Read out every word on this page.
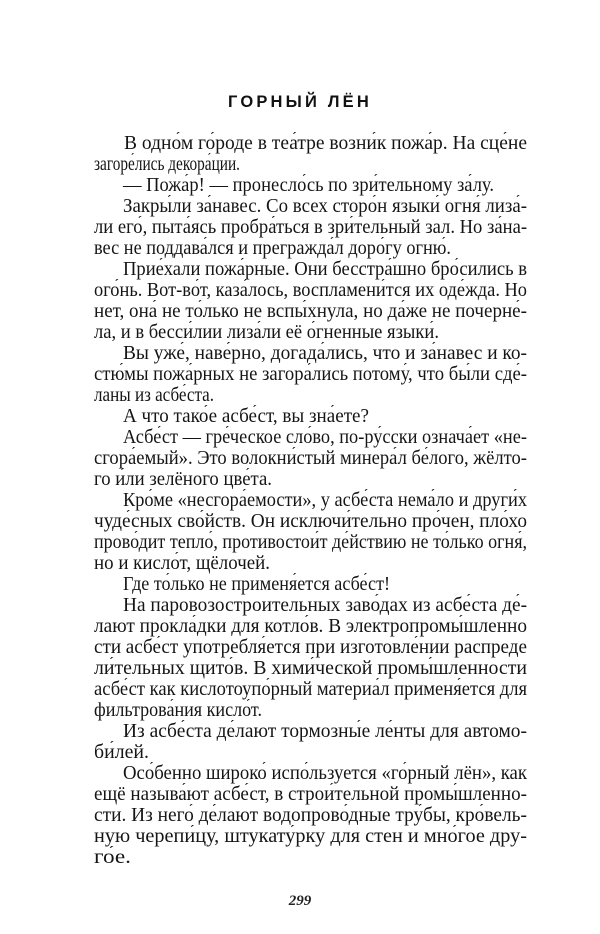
ГОРНЫЙ ЛЁН
В одно́м го́роде в теа́тре возни́к пожа́р. На сце́не
загоре́лись декора́ции.
— Пожа́р! — пронесло́сь по зри́тельному за́лу.
Закры́ли за́навес. Со всех сторо́н языки́ огня́ лиза́-
ли его́, пыта́ясь пробра́ться в зри́тельный зал. Но за́на-
вес не поддава́лся и прегражда́л доро́гу огню́.
Прие́хали пожа́рные. Они бесстра́шно бро́сились в
ого́нь. Вот-во́т, каза́лось, воспламени́тся их оде́жда. Но
нет, она́ не то́лько не вспы́хнула, но да́же не почерне́-
ла, и в бесси́лии лиза́ли её о́гненные языки́.
Вы уже́, наве́рно, догада́лись, что и за́навес и ко-
стю́мы пожа́рных не загора́лись потому́, что бы́ли сде́-
ланы из асбе́ста.
А что тако́е асбе́ст, вы зна́ете?
Асбе́ст — гре́ческое сло́во, по-ру́сски означа́ет «не-
сгора́емый». Это волокни́стый минера́л бе́лого, жёлто-
го и́ли зелёного цве́та.
Кро́ме «несгора́емости», у асбе́ста нема́ло и други́х
чуде́сных сво́йств. Он исключи́тельно про́чен, пло́хо
прово́дит тепло́, противостои́т де́йствию не то́лько огня́,
но и кисло́т, щёлочей.
Где то́лько не применя́ется асбе́ст!
На паровозостроительных заво́дах из асбе́ста де́-
лают прокла́дки для котло́в. В электропромы́шленно
сти асбе́ст употребля́ется при изготовле́нии распреде
ли́тельных щито́в. В хими́ческой промы́шленности
асбе́ст как кислотоупо́рный материа́л применя́ется для
фильтрова́ния кисло́т.
Из асбе́ста де́лают тормозны́е ле́нты для автомо-
би́лей.
Осо́бенно широко́ испо́льзуется «го́рный лён», как
ещё называ́ют асбе́ст, в строи́тельной промы́шленно-
сти. Из него́ де́лают водопрово́дные тру́бы, кро́вель-
ную черепи́цу, штукату́рку для стен и мно́гое дру-
го́е.
299
